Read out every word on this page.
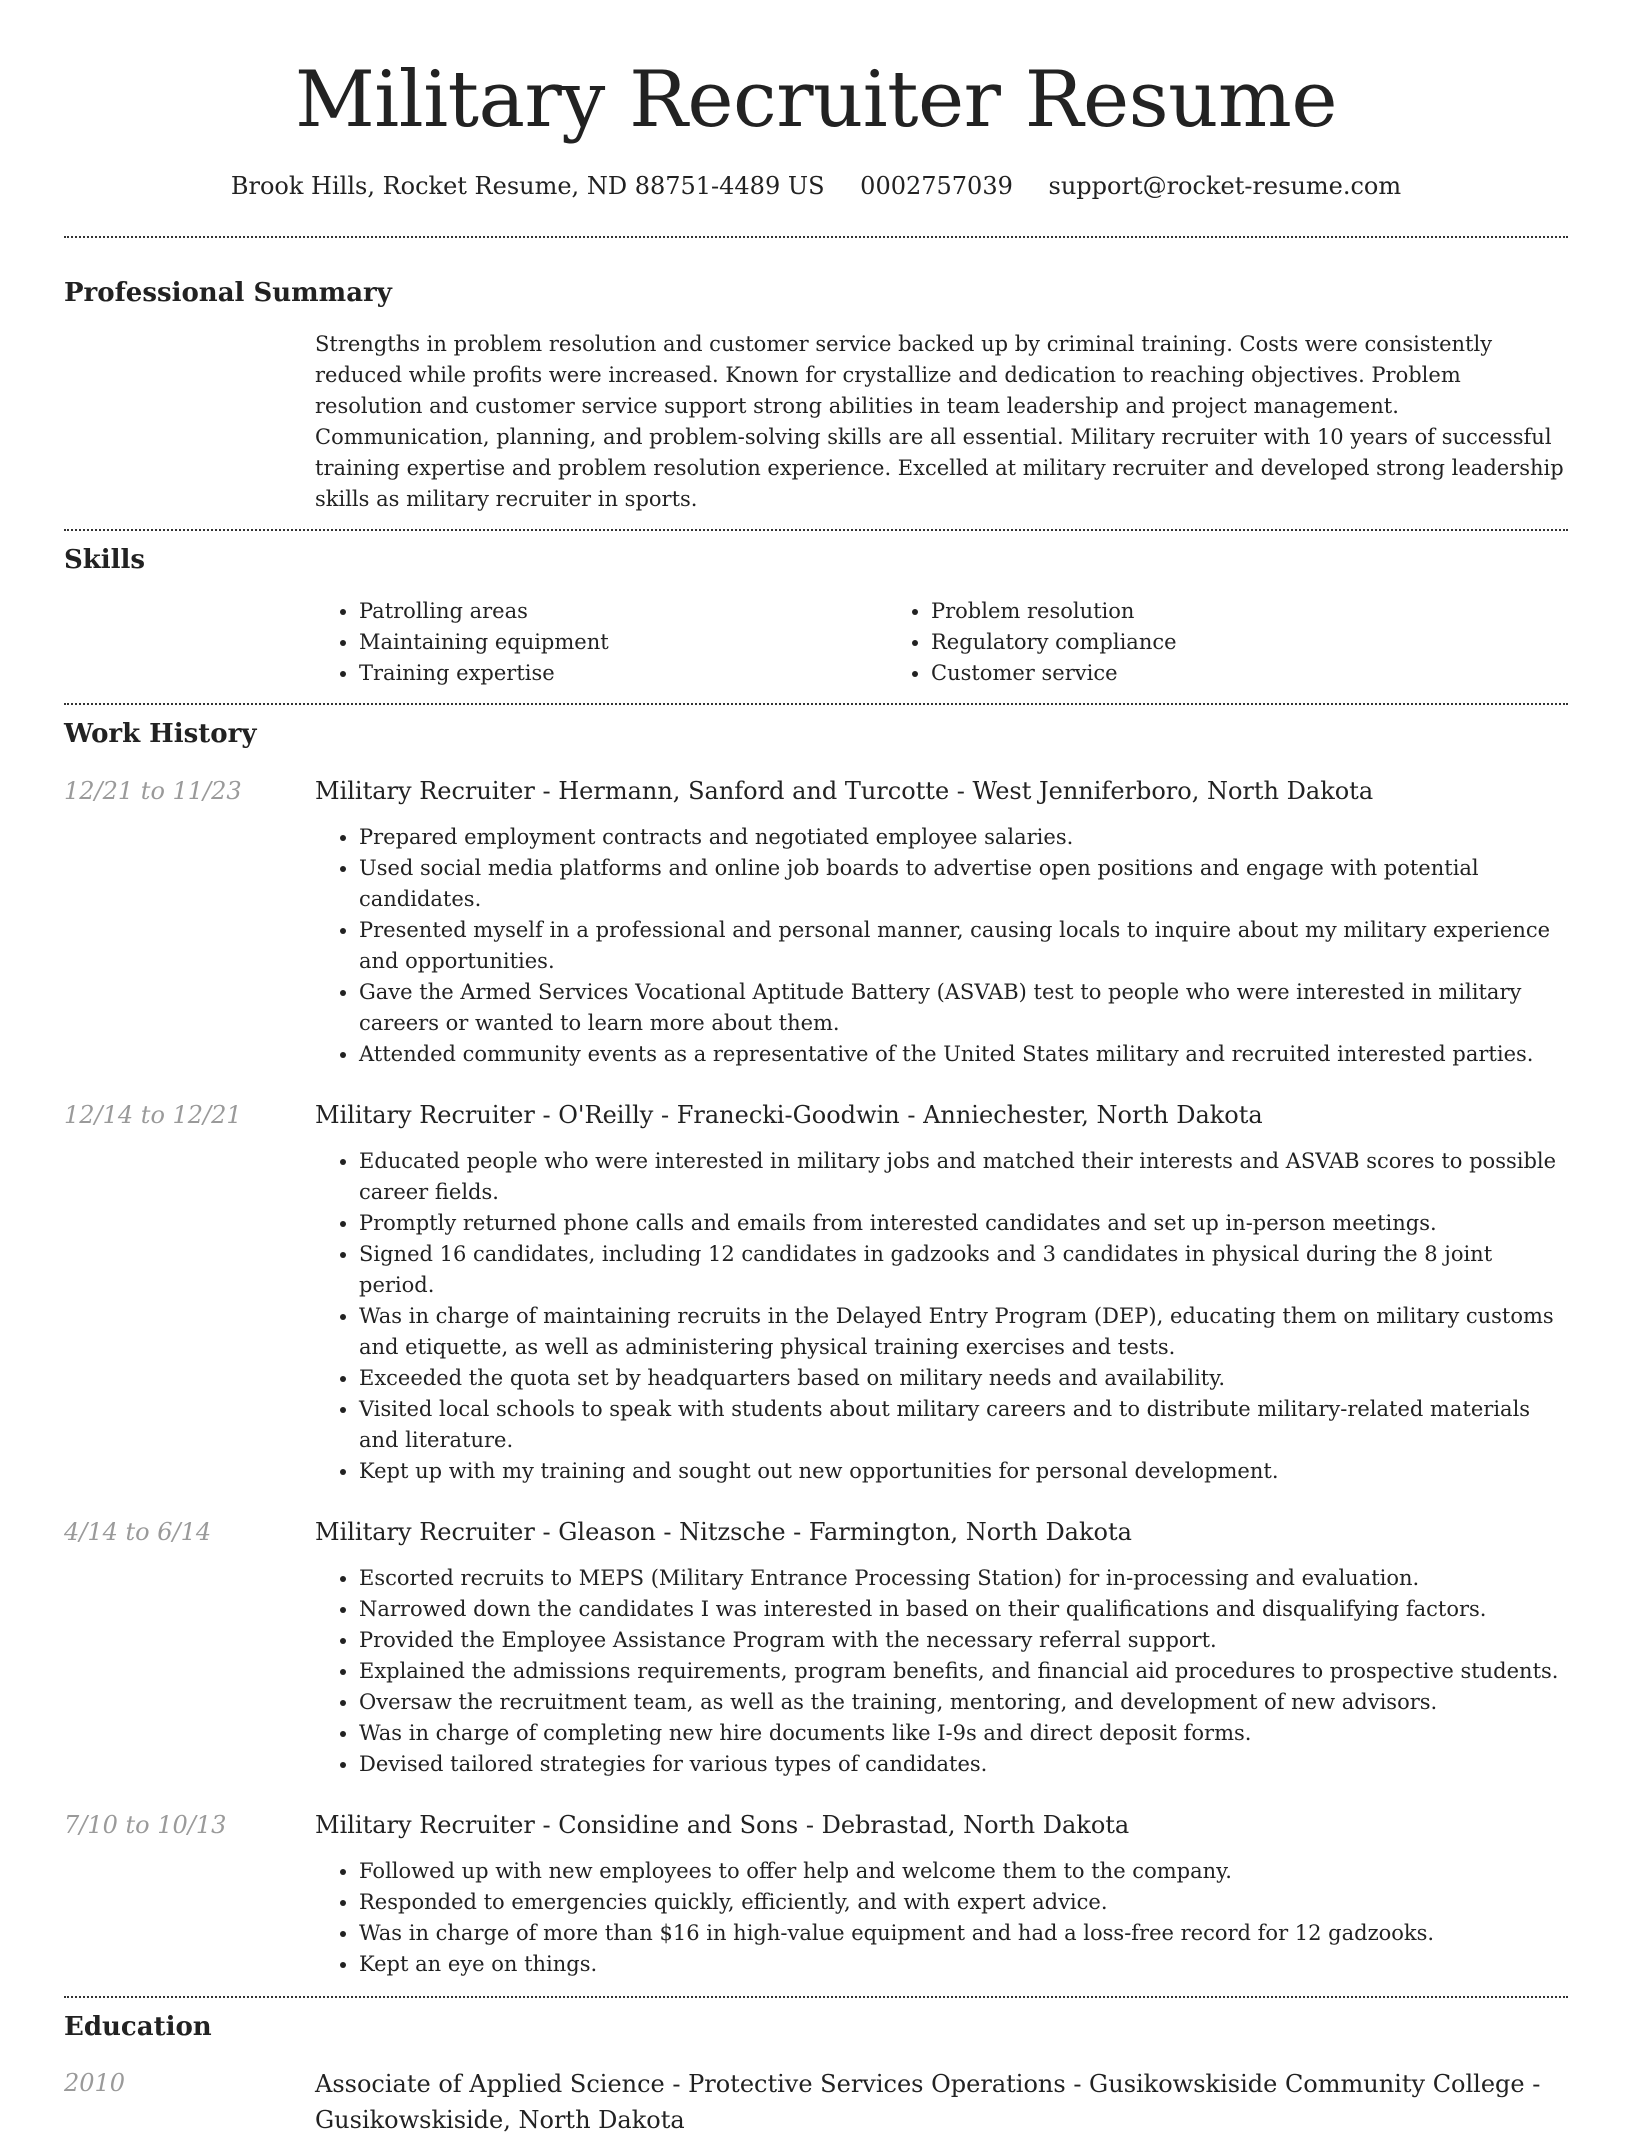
Military Recruiter Resume
Brook Hills, Rocket Resume, ND 88751-4489 US 0002757039 support@rocket-resume.com
Professional Summary

Strengths in problem resolution and customer service backed up by criminal training. Costs were consistently reduced while profits were increased. Known for crystallize and dedication to reaching objectives. Problem resolution and customer service support strong abilities in team leadership and project management. Communication, planning, and problem-solving skills are all essential. Military recruiter with 10 years of successful training expertise and problem resolution experience. Excelled at military recruiter and developed strong leadership skills as military recruiter in sports.

Skills
• Patrolling areas
• Maintaining equipment
• Training expertise
• Problem resolution
• Regulatory compliance
• Customer service
Work History
12/21 to 11/23	Military Recruiter - Hermann, Sanford and Turcotte - West Jenniferboro, North Dakota
• Prepared employment contracts and negotiated employee salaries.
• Used social media platforms and online job boards to advertise open positions and engage with potential candidates.
• Presented myself in a professional and personal manner, causing locals to inquire about my military experience and opportunities.
• Gave the Armed Services Vocational Aptitude Battery (ASVAB) test to people who were interested in military careers or wanted to learn more about them.
• Attended community events as a representative of the United States military and recruited interested parties.
12/14 to 12/21	Military Recruiter - O'Reilly - Franecki-Goodwin - Anniechester, North Dakota
• Educated people who were interested in military jobs and matched their interests and ASVAB scores to possible career fields.
• Promptly returned phone calls and emails from interested candidates and set up in-person meetings.
• Signed 16 candidates, including 12 candidates in gadzooks and 3 candidates in physical during the 8 joint period.
• Was in charge of maintaining recruits in the Delayed Entry Program (DEP), educating them on military customs and etiquette, as well as administering physical training exercises and tests.
• Exceeded the quota set by headquarters based on military needs and availability.
• Visited local schools to speak with students about military careers and to distribute military-related materials and literature.
• Kept up with my training and sought out new opportunities for personal development.
4/14 to 6/14	Military Recruiter - Gleason - Nitzsche - Farmington, North Dakota
• Escorted recruits to MEPS (Military Entrance Processing Station) for in-processing and evaluation.
• Narrowed down the candidates I was interested in based on their qualifications and disqualifying factors.
• Provided the Employee Assistance Program with the necessary referral support.
• Explained the admissions requirements, program benefits, and financial aid procedures to prospective students.
• Oversaw the recruitment team, as well as the training, mentoring, and development of new advisors.
• Was in charge of completing new hire documents like I-9s and direct deposit forms.
• Devised tailored strategies for various types of candidates.
7/10 to 10/13	Military Recruiter - Considine and Sons - Debrastad, North Dakota
• Followed up with new employees to offer help and welcome them to the company.
• Responded to emergencies quickly, efficiently, and with expert advice.
• Was in charge of more than $16 in high-value equipment and had a loss-free record for 12 gadzooks.
• Kept an eye on things.
Education
2010	Associate of Applied Science - Protective Services Operations - Gusikowskiside Community College - Gusikowskiside, North Dakota
